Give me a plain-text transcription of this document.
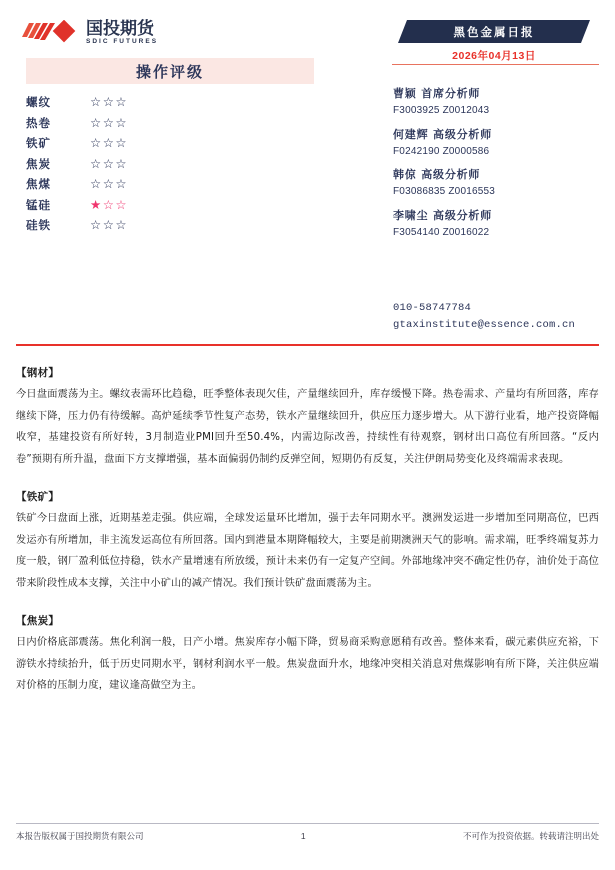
国投期货
SDIC FUTURES
操作评级
螺纹	☆☆☆
热卷	☆☆☆
铁矿	☆☆☆
焦炭	☆☆☆
焦煤	☆☆☆
锰硅	★☆☆
硅铁	☆☆☆
黑色金属日报
2026年04月13日
曹颖 首席分析师
F3003925 Z0012043
何建辉 高级分析师
F0242190 Z0000586
韩倞 高级分析师
F03086835 Z0016553
李啸尘 高级分析师
F3054140 Z0016022
010-58747784
gtaxinstitute@essence.com.cn
【钢材】
今日盘面震荡为主。螺纹表需环比趋稳，旺季整体表现欠佳，产量继续回升，库存缓慢下降。热卷需求、产量均有所回落，库存继续下降，压力仍有待缓解。高炉延续季节性复产态势，铁水产量继续回升，供应压力逐步增大。从下游行业看，地产投资降幅收窄，基建投资有所好转，3月制造业PMI回升至50.4%，内需边际改善，持续性有待观察，钢材出口高位有所回落。“反内卷”预期有所升温，盘面下方支撑增强，基本面偏弱仍制约反弹空间，短期仍有反复，关注伊朗局势变化及终端需求表现。
【铁矿】
铁矿今日盘面上涨，近期基差走强。供应端，全球发运量环比增加，强于去年同期水平。澳洲发运进一步增加至同期高位，巴西发运亦有所增加，非主流发运高位有所回落。国内到港量本期降幅较大，主要是前期澳洲天气的影响。需求端，旺季终端复苏力度一般，钢厂盈利低位持稳，铁水产量增速有所放缓，预计未来仍有一定复产空间。外部地缘冲突不确定性仍存，油价处于高位带来阶段性成本支撑，关注中小矿山的减产情况。我们预计铁矿盘面震荡为主。
【焦炭】
日内价格底部震荡。焦化利润一般，日产小增。焦炭库存小幅下降，贸易商采购意愿稍有改善。整体来看，碳元素供应充裕，下游铁水持续抬升，低于历史同期水平，钢材利润水平一般。焦炭盘面升水，地缘冲突相关消息对焦煤影响有所下降，关注供应端对价格的压制力度，建议逢高做空为主。
本报告版权属于国投期货有限公司	1	不可作为投资依据。转载请注明出处
